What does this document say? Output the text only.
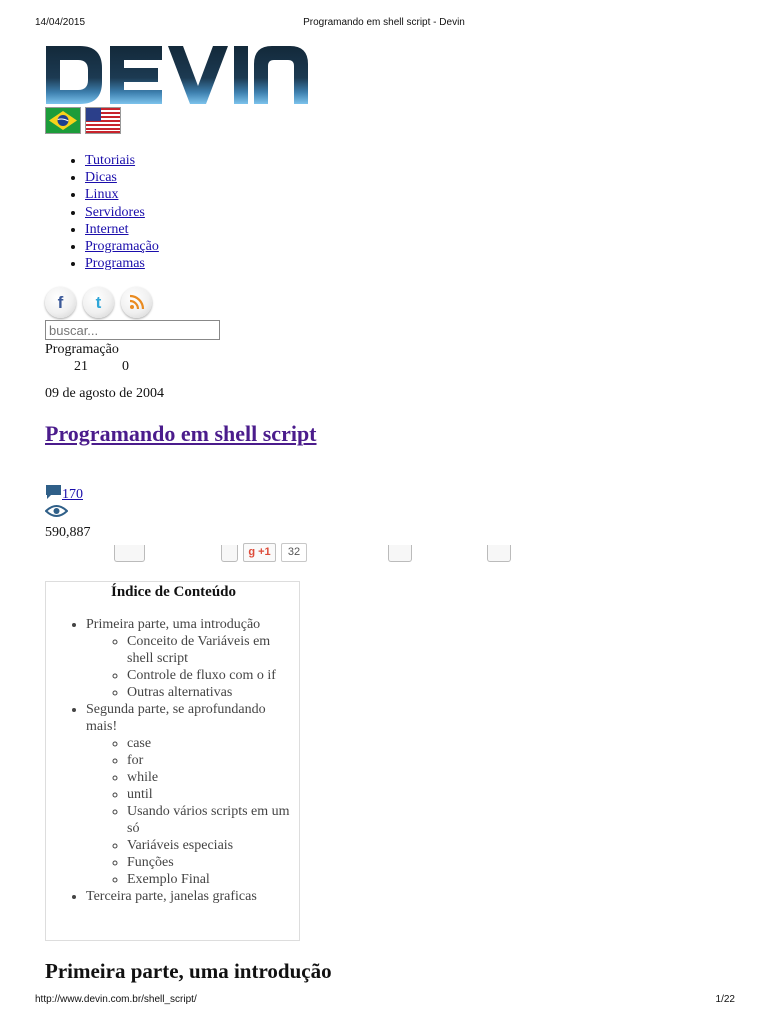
14/04/2015	Programando em shell script - Devin
• Tutoriais
• Dicas
• Linux
• Servidores
• Internet
• Programação
• Programas
f	t
buscar...
Programação
21 0
09 de agosto de 2004
Programando em shell script
170
590,887
g +1	32
Índice de Conteúdo
• Primeira parte, uma introdução
◦ Conceito de Variáveis em shell script
◦ Controle de fluxo com o if
◦ Outras alternativas
• Segunda parte, se aprofundando mais!
◦ case
◦ for
◦ while
◦ until
◦ Usando vários scripts em um só
◦ Variáveis especiais
◦ Funções
◦ Exemplo Final
• Terceira parte, janelas graficas
Primeira parte, uma introdução
http://www.devin.com.br/shell_script/	1/22
